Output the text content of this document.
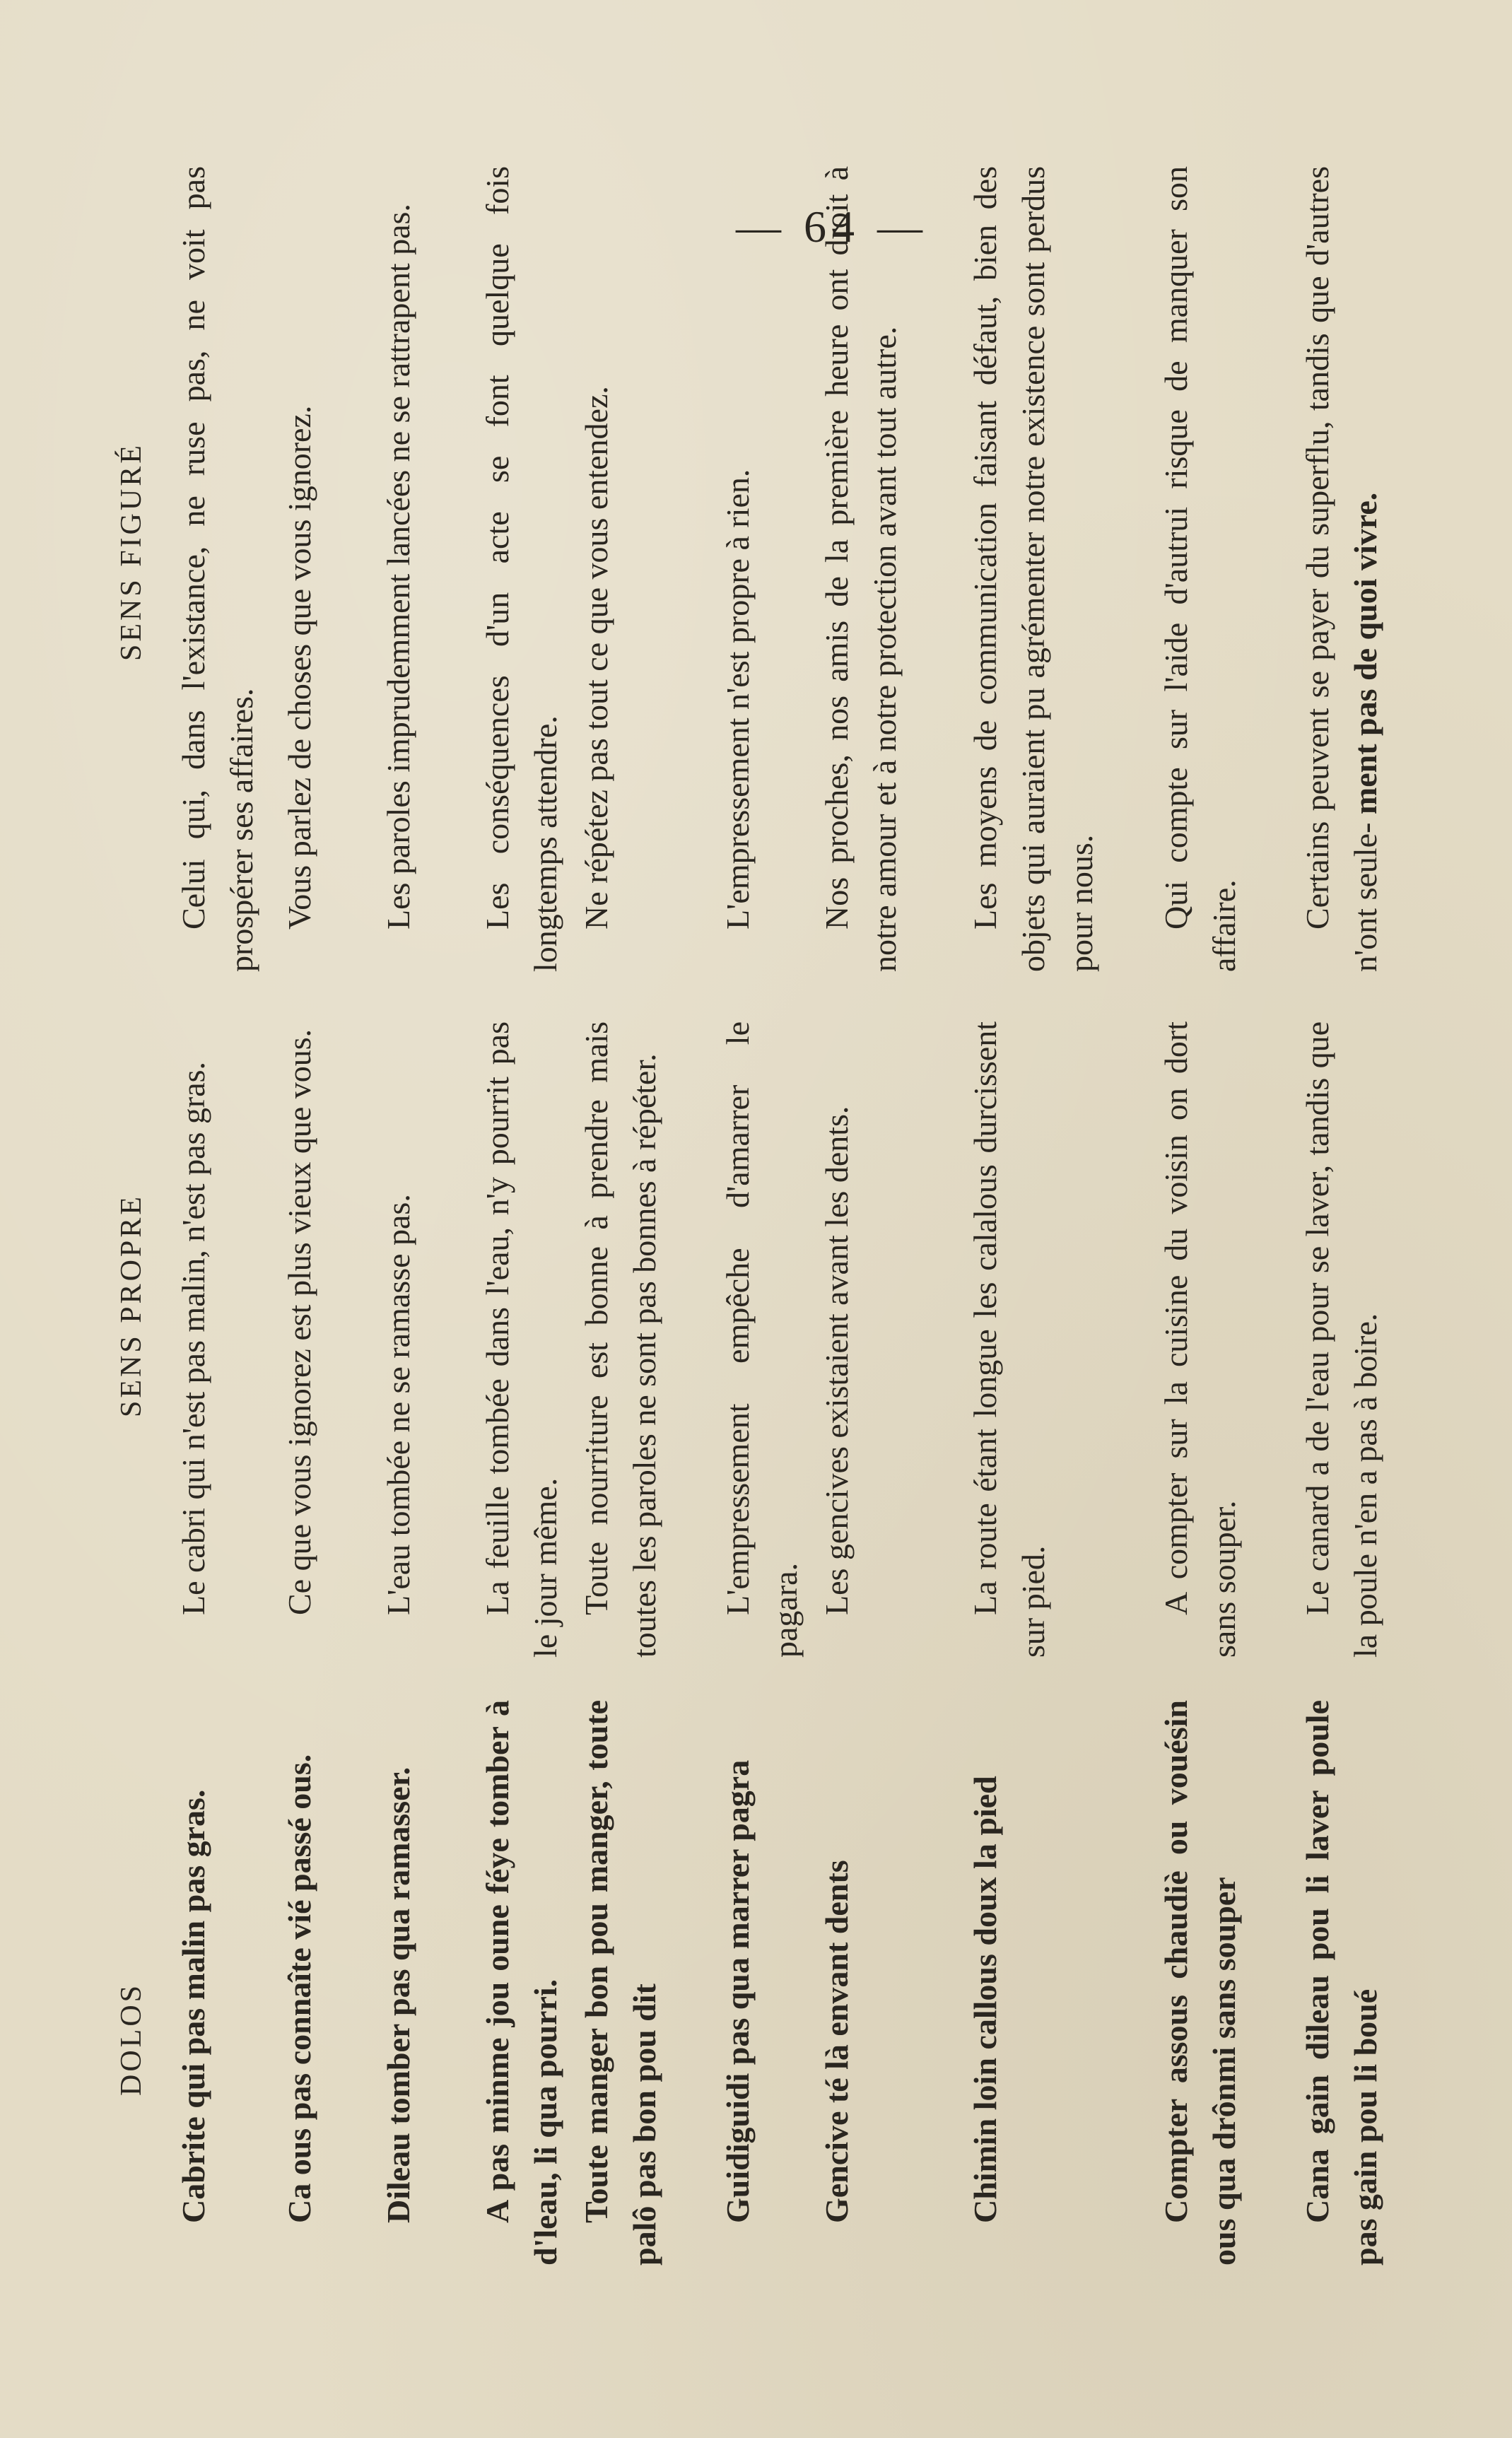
— 64 —
DOLOS
SENS PROPRE
SENS FIGURÉ
Cabrite qui pas malin pas gras.
Le cabri qui n'est pas malin, n'est pas gras.
Celui qui, dans l'existance, ne ruse pas, ne voit pas prospérer ses affaires.
Ca ous pas connaîte vié passé ous.
Ce que vous ignorez est plus vieux que vous.
Vous parlez de choses que vous ignorez.
Dileau tomber pas qua ramasser.
L'eau tombée ne se ramasse pas.
Les paroles imprudemment lancées ne se rattrapent pas.
A pas minme jou oune féye tomber à d'leau, li qua pourri.
La feuille tombée dans l'eau, n'y pourrit pas le jour même.
Les conséquences d'un acte se font quelque fois longtemps attendre.
Toute manger bon pou manger, toute palô pas bon pou dit
Toute nourriture est bonne à prendre mais toutes les paroles ne sont pas bonnes à répéter.
Ne répétez pas tout ce que vous entendez.
Guidiguidi pas qua marrer pagra
L'empressement empêche d'amarrer le pagara.
L'empressement n'est propre à rien.
Gencive té là envant dents
Les gencives existaient avant les dents.
Nos proches, nos amis de la première heure ont droit à notre amour et à notre protection avant tout autre.
Chimin loin callous doux la pied
La route étant longue les calalous durcissent sur pied.
Les moyens de communication faisant défaut, bien des objets qui auraient pu agrémenter notre existence sont perdus pour nous.
Compter assous chaudiè ou vouésin ous qua drônmi sans souper
A compter sur la cuisine du voisin on dort sans souper.
Qui compte sur l'aide d'autrui risque de manquer son affaire.
Cana gain dileau pou li laver poule pas gain pou li boué
Le canard a de l'eau pour se laver, tandis que la poule n'en a pas à boire.
Certains peuvent se payer du superflu, tandis que d'autres n'ont seule- ment pas de quoi vivre.
